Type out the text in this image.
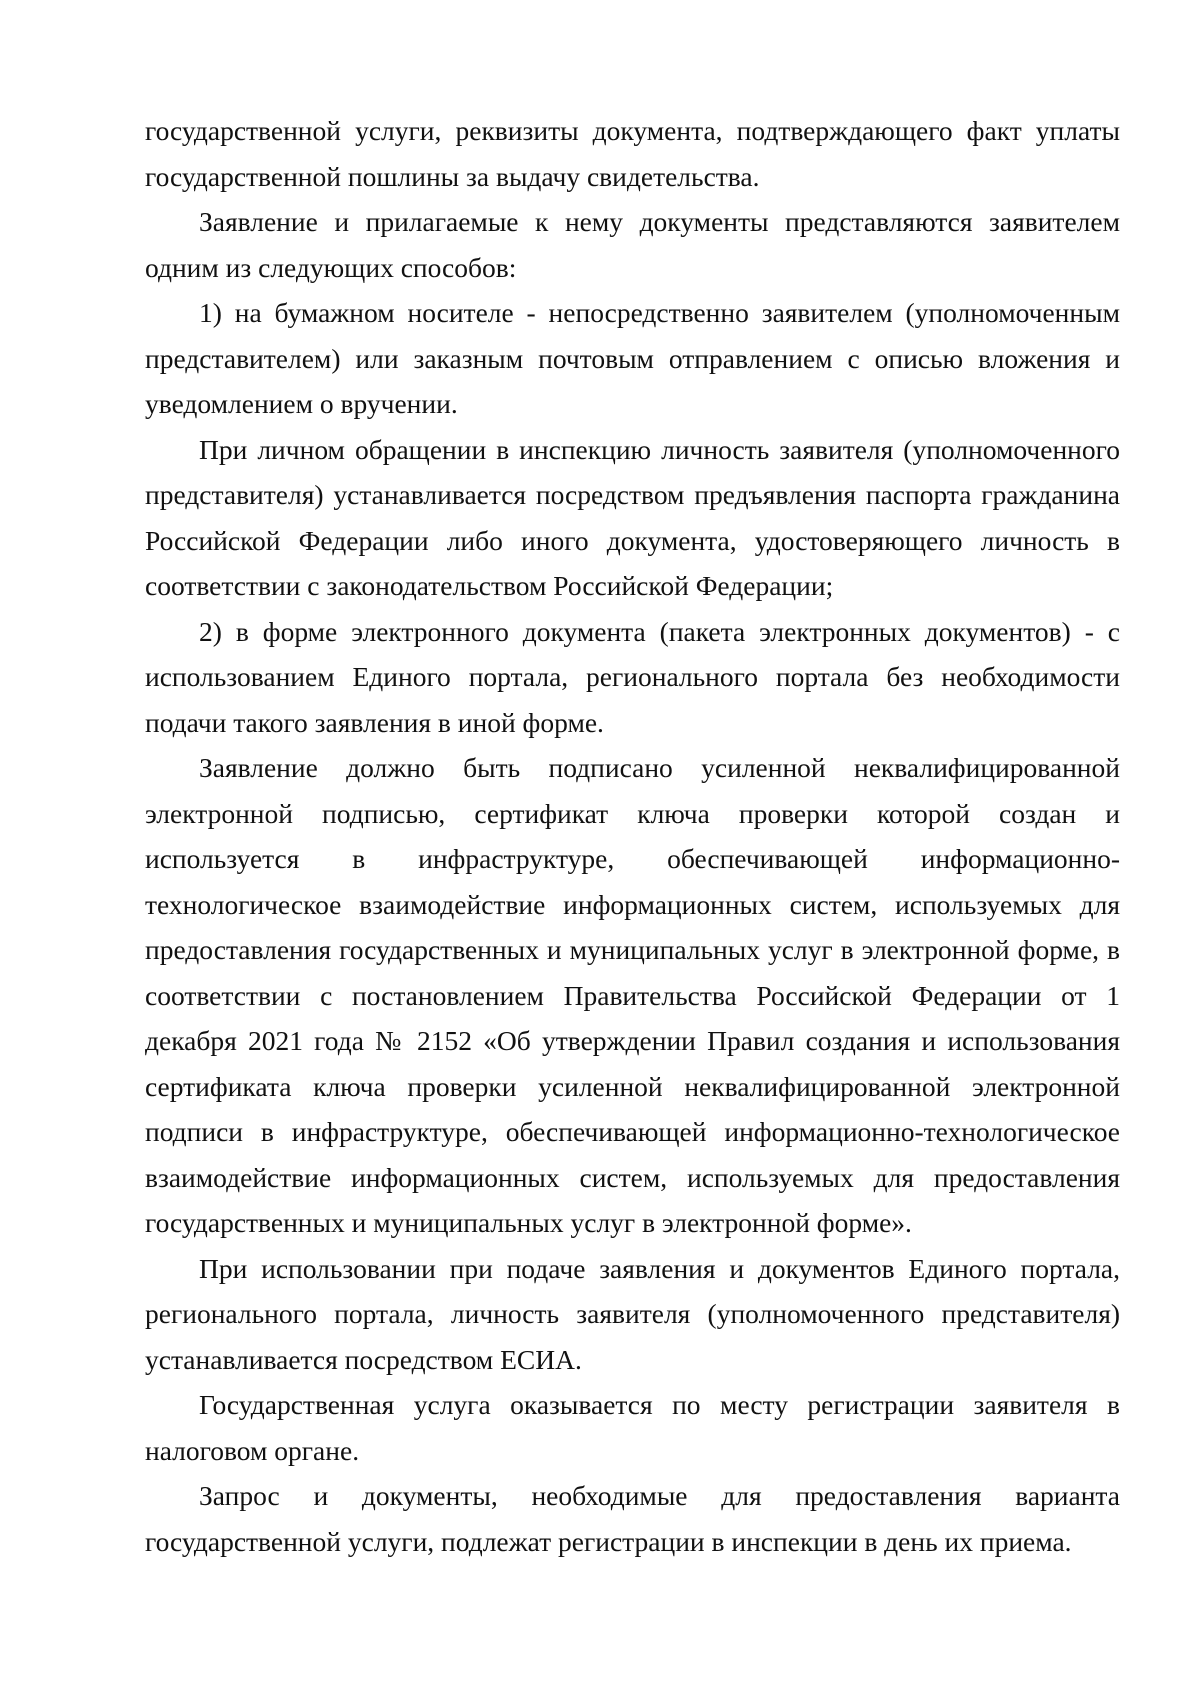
государственной услуги, реквизиты документа, подтверждающего факт уплаты государственной пошлины за выдачу свидетельства.

Заявление и прилагаемые к нему документы представляются заявителем одним из следующих способов:

1) на бумажном носителе - непосредственно заявителем (уполномоченным представителем) или заказным почтовым отправлением с описью вложения и уведомлением о вручении.

При личном обращении в инспекцию личность заявителя (уполномоченного представителя) устанавливается посредством предъявления паспорта гражданина Российской Федерации либо иного документа, удостоверяющего личность в соответствии с законодательством Российской Федерации;

2) в форме электронного документа (пакета электронных документов) - с использованием Единого портала, регионального портала без необходимости подачи такого заявления в иной форме.

Заявление должно быть подписано усиленной неквалифицированной электронной подписью, сертификат ключа проверки которой создан и используется в инфраструктуре, обеспечивающей информационно-технологическое взаимодействие информационных систем, используемых для предоставления государственных и муниципальных услуг в электронной форме, в соответствии с постановлением Правительства Российской Федерации от 1 декабря 2021 года № 2152 «Об утверждении Правил создания и использования сертификата ключа проверки усиленной неквалифицированной электронной подписи в инфраструктуре, обеспечивающей информационно-технологическое взаимодействие информационных систем, используемых для предоставления государственных и муниципальных услуг в электронной форме».

При использовании при подаче заявления и документов Единого портала, регионального портала, личность заявителя (уполномоченного представителя) устанавливается посредством ЕСИА.

Государственная услуга оказывается по месту регистрации заявителя в налоговом органе.

Запрос и документы, необходимые для предоставления варианта государственной услуги, подлежат регистрации в инспекции в день их приема.
